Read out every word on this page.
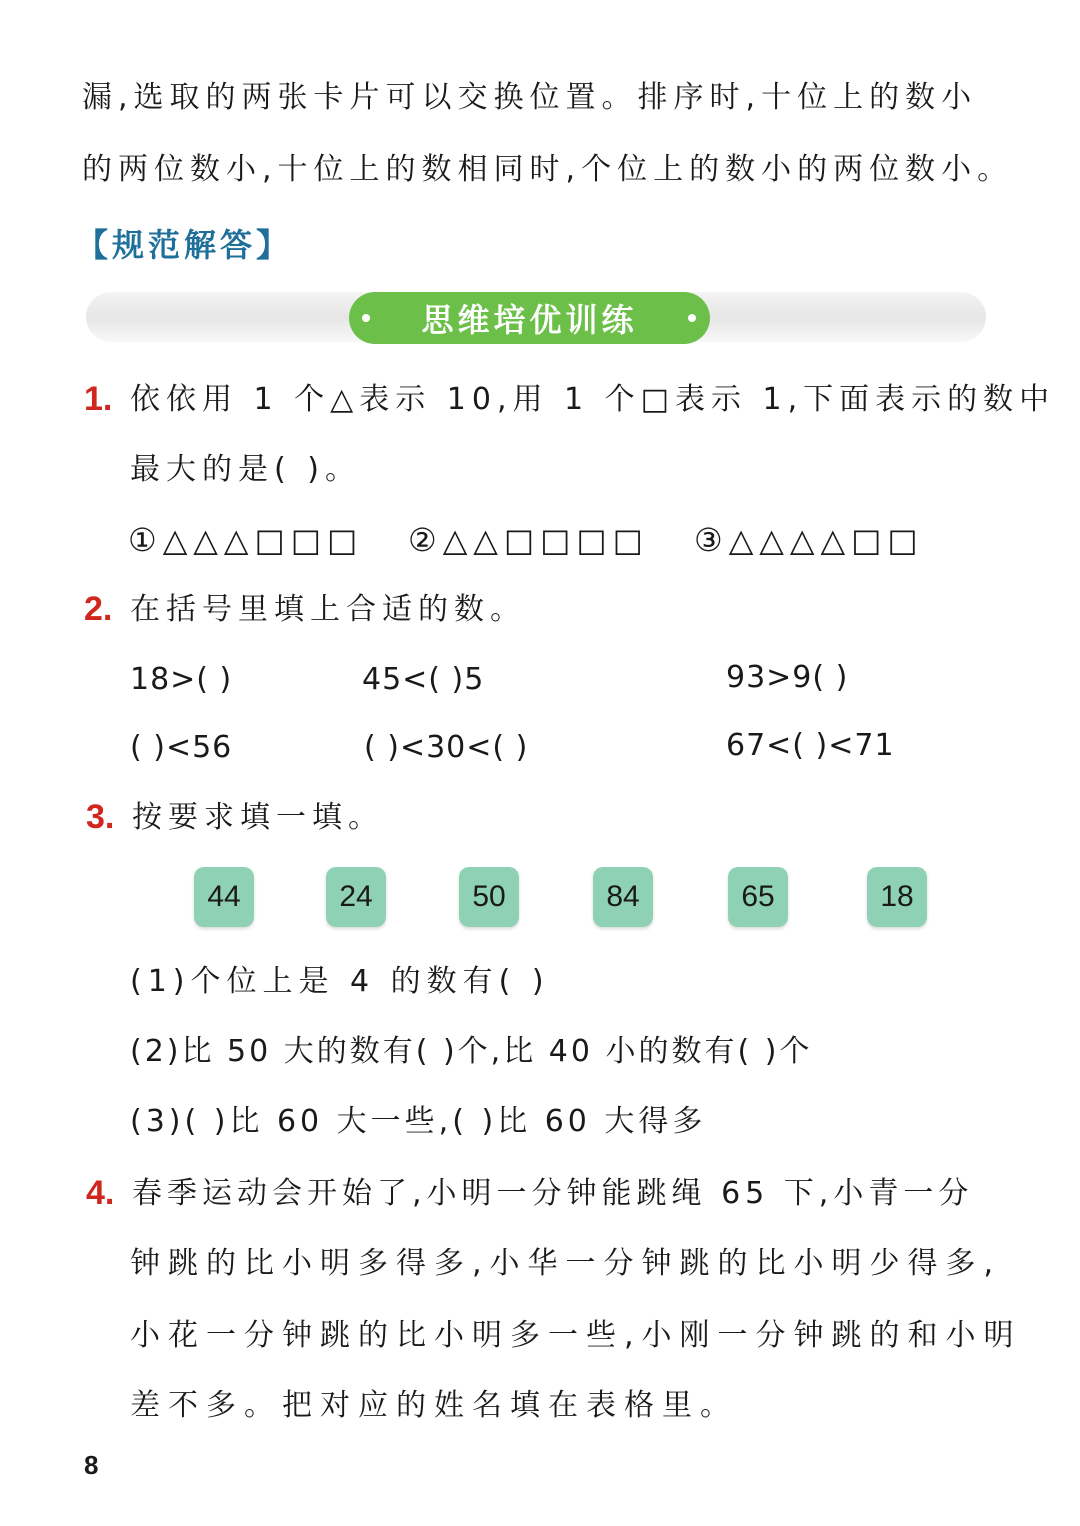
漏,选取的两张卡片可以交换位置。排序时,十位上的数小
的两位数小,十位上的数相同时,个位上的数小的两位数小。
【规范解答】
思维培优训练
1. 依依用 1 个△表示 10,用 1 个□表示 1,下面表示的数中
最大的是( )。
①△△△□□□ ②△△□□□□ ③△△△△□□
2. 在括号里填上合适的数。
18>( )	45<( )5	93>9( )
( )<56	( )<30<( )	67<( )<71
3. 按要求填一填。
44	24	50	84	65	18
(1)个位上是 4 的数有( )
(2)比 50 大的数有( )个,比 40 小的数有( )个
(3)( )比 60 大一些,( )比 60 大得多
4. 春季运动会开始了,小明一分钟能跳绳 65 下,小青一分
钟跳的比小明多得多,小华一分钟跳的比小明少得多,
小花一分钟跳的比小明多一些,小刚一分钟跳的和小明
差不多。把对应的姓名填在表格里。
8
